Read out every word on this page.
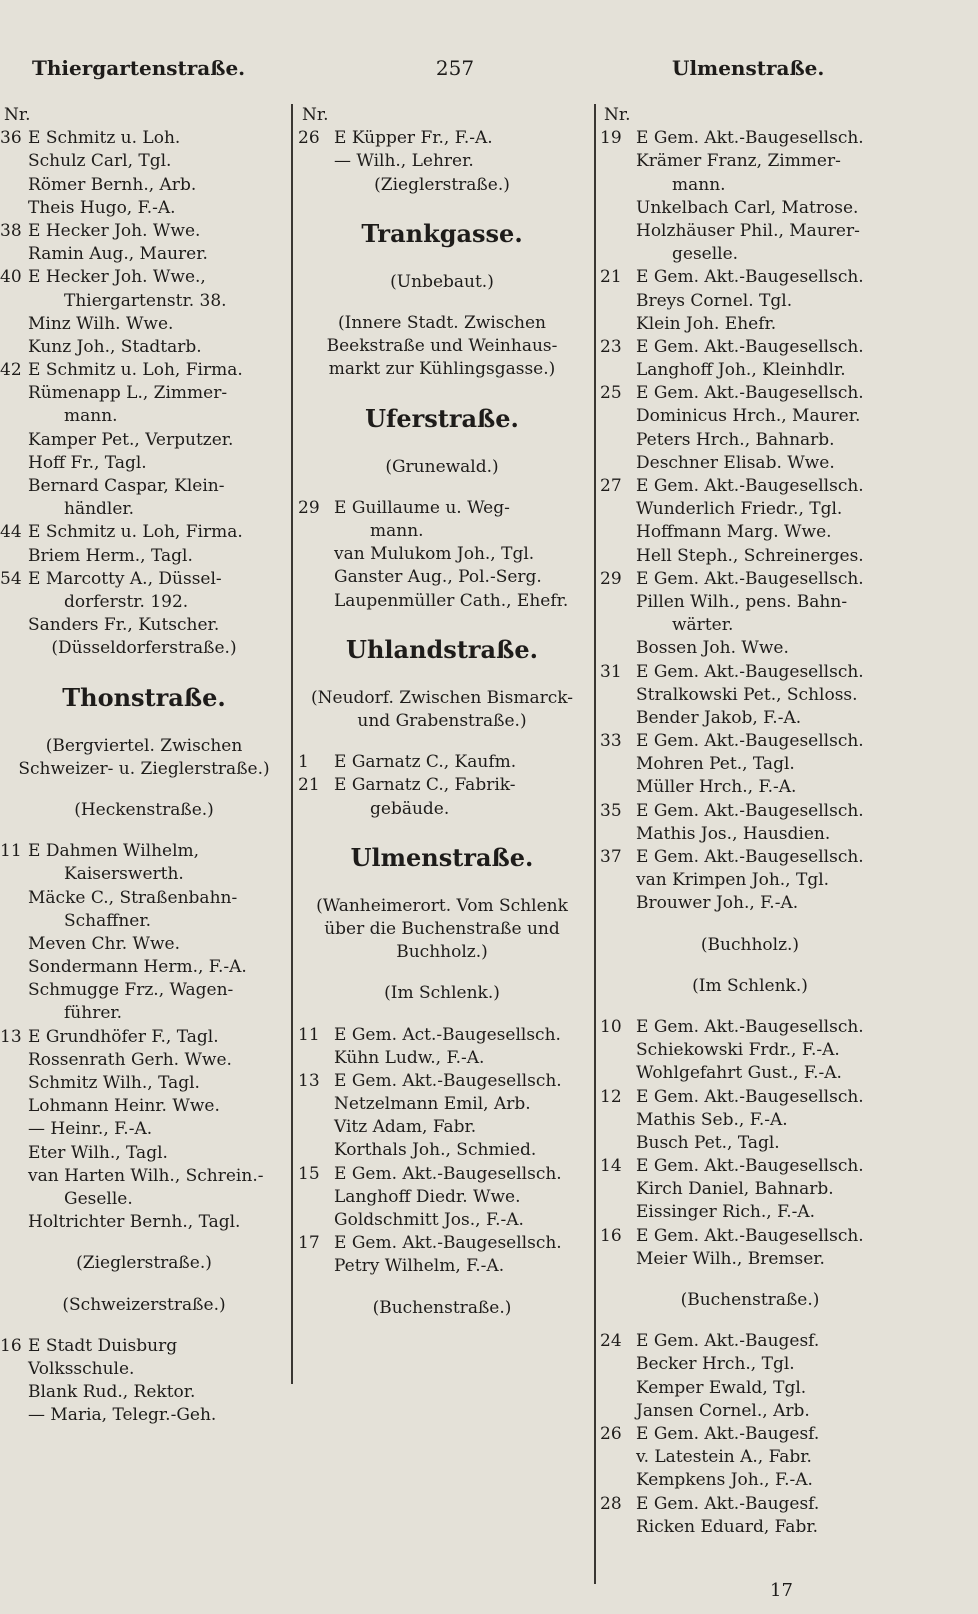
Thiergartenstraße.	257	Ulmenstraße.
Nr.
36 E Schmitz u. Loh.
Schulz Carl, Tgl.
Römer Bernh., Arb.
Theis Hugo, F.-A.
38 E Hecker Joh. Wwe.
Ramin Aug., Maurer.
40 E Hecker Joh. Wwe.,
Thiergartenstr. 38.
Minz Wilh. Wwe.
Kunz Joh., Stadtarb.
42 E Schmitz u. Loh, Firma.
Rümenapp L., Zimmer-
mann.
Kamper Pet., Verputzer.
Hoff Fr., Tagl.
Bernard Caspar, Klein-
händler.
44 E Schmitz u. Loh, Firma.
Briem Herm., Tagl.
54 E Marcotty A., Düssel-
dorferstr. 192.
Sanders Fr., Kutscher.
(Düsseldorferstraße.)
Thonstraße.
(Bergviertel. Zwischen
Schweizer- u. Zieglerstraße.)
(Heckenstraße.)
11 E Dahmen Wilhelm,
Kaiserswerth.
Mäcke C., Straßenbahn-
Schaffner.
Meven Chr. Wwe.
Sondermann Herm., F.-A.
Schmugge Frz., Wagen-
führer.
13 E Grundhöfer F., Tagl.
Rossenrath Gerh. Wwe.
Schmitz Wilh., Tagl.
Lohmann Heinr. Wwe.
— Heinr., F.-A.
Eter Wilh., Tagl.
van Harten Wilh., Schrein.-
Geselle.
Holtrichter Bernh., Tagl.
(Zieglerstraße.)
(Schweizerstraße.)
16 E Stadt Duisburg
Volksschule.
Blank Rud., Rektor.
— Maria, Telegr.-Geh.
Nr.
26 E Küpper Fr., F.-A.
— Wilh., Lehrer.
(Zieglerstraße.)
Trankgasse.
(Unbebaut.)
(Innere Stadt. Zwischen
Beekstraße und Weinhaus-
markt zur Kühlingsgasse.)
Uferstraße.
(Grunewald.)
29 E Guillaume u. Weg-
mann.
van Mulukom Joh., Tgl.
Ganster Aug., Pol.-Serg.
Laupenmüller Cath., Ehefr.
Uhlandstraße.
(Neudorf. Zwischen Bismarck-
und Grabenstraße.)
1	E Garnatz C., Kaufm.
21 E Garnatz C., Fabrik-
gebäude.
Ulmenstraße.
(Wanheimerort. Vom Schlenk
über die Buchenstraße und
Buchholz.)
(Im Schlenk.)
11 E Gem. Act.-Baugesellsch.
Kühn Ludw., F.-A.
13 E Gem. Akt.-Baugesellsch.
Netzelmann Emil, Arb.
Vitz Adam, Fabr.
Korthals Joh., Schmied.
15 E Gem. Akt.-Baugesellsch.
Langhoff Diedr. Wwe.
Goldschmitt Jos., F.-A.
17 E Gem. Akt.-Baugesellsch.
Petry Wilhelm, F.-A.
(Buchenstraße.)
Nr.
19 E Gem. Akt.-Baugesellsch.
Krämer Franz, Zimmer-
mann.
Unkelbach Carl, Matrose.
Holzhäuser Phil., Maurer-
geselle.
21 E Gem. Akt.-Baugesellsch.
Breys Cornel. Tgl.
Klein Joh. Ehefr.
23 E Gem. Akt.-Baugesellsch.
Langhoff Joh., Kleinhdlr.
25 E Gem. Akt.-Baugesellsch.
Dominicus Hrch., Maurer.
Peters Hrch., Bahnarb.
Deschner Elisab. Wwe.
27 E Gem. Akt.-Baugesellsch.
Wunderlich Friedr., Tgl.
Hoffmann Marg. Wwe.
Hell Steph., Schreinerges.
29 E Gem. Akt.-Baugesellsch.
Pillen Wilh., pens. Bahn-
wärter.
Bossen Joh. Wwe.
31 E Gem. Akt.-Baugesellsch.
Stralkowski Pet., Schloss.
Bender Jakob, F.-A.
33 E Gem. Akt.-Baugesellsch.
Mohren Pet., Tagl.
Müller Hrch., F.-A.
35 E Gem. Akt.-Baugesellsch.
Mathis Jos., Hausdien.
37 E Gem. Akt.-Baugesellsch.
van Krimpen Joh., Tgl.
Brouwer Joh., F.-A.
(Buchholz.)
(Im Schlenk.)
10 E Gem. Akt.-Baugesellsch.
Schiekowski Frdr., F.-A.
Wohlgefahrt Gust., F.-A.
12 E Gem. Akt.-Baugesellsch.
Mathis Seb., F.-A.
Busch Pet., Tagl.
14 E Gem. Akt.-Baugesellsch.
Kirch Daniel, Bahnarb.
Eissinger Rich., F.-A.
16 E Gem. Akt.-Baugesellsch.
Meier Wilh., Bremser.
(Buchenstraße.)
24 E Gem. Akt.-Baugesf.
Becker Hrch., Tgl.
Kemper Ewald, Tgl.
Jansen Cornel., Arb.
26 E Gem. Akt.-Baugesf.
v. Latestein A., Fabr.
Kempkens Joh., F.-A.
28 E Gem. Akt.-Baugesf.
Ricken Eduard, Fabr.
17
